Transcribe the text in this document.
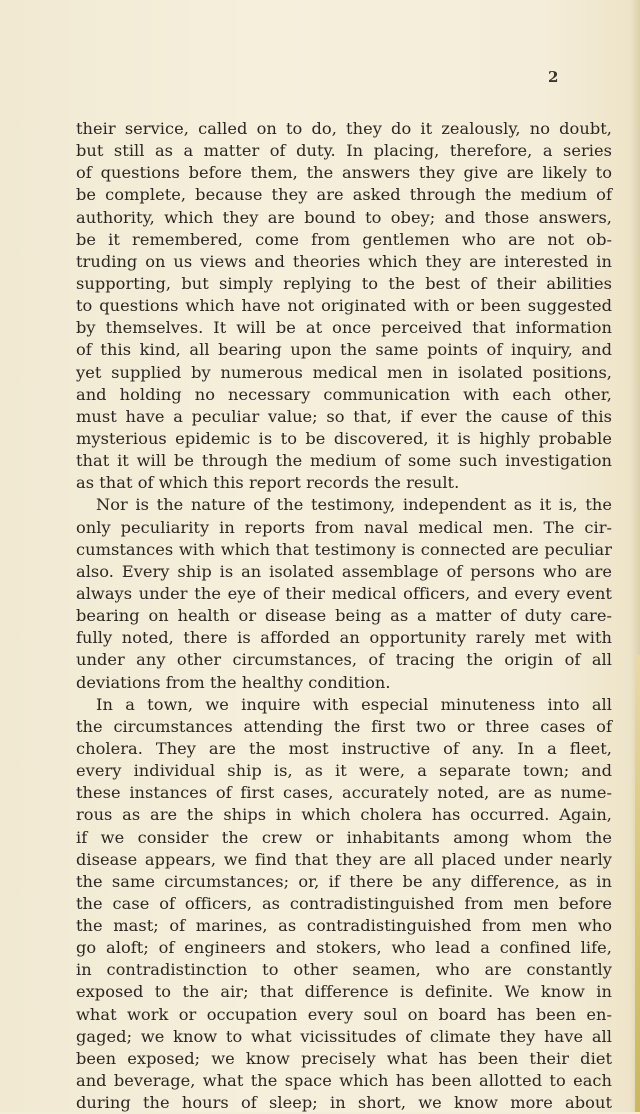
2
their service, called on to do, they do it zealously, no doubt,
but still as a matter of duty. In placing, therefore, a series
of questions before them, the answers they give are likely to
be complete, because they are asked through the medium of
authority, which they are bound to obey; and those answers,
be it remembered, come from gentlemen who are not ob-
truding on us views and theories which they are interested in
supporting, but simply replying to the best of their abilities
to questions which have not originated with or been suggested
by themselves. It will be at once perceived that information
of this kind, all bearing upon the same points of inquiry, and
yet supplied by numerous medical men in isolated positions,
and holding no necessary communication with each other,
must have a peculiar value; so that, if ever the cause of this
mysterious epidemic is to be discovered, it is highly probable
that it will be through the medium of some such investigation
as that of which this report records the result.
Nor is the nature of the testimony, independent as it is, the
only peculiarity in reports from naval medical men. The cir-
cumstances with which that testimony is connected are peculiar
also. Every ship is an isolated assemblage of persons who are
always under the eye of their medical officers, and every event
bearing on health or disease being as a matter of duty care-
fully noted, there is afforded an opportunity rarely met with
under any other circumstances, of tracing the origin of all
deviations from the healthy condition.
In a town, we inquire with especial minuteness into all
the circumstances attending the first two or three cases of
cholera. They are the most instructive of any. In a fleet,
every individual ship is, as it were, a separate town; and
these instances of first cases, accurately noted, are as nume-
rous as are the ships in which cholera has occurred. Again,
if we consider the crew or inhabitants among whom the
disease appears, we find that they are all placed under nearly
the same circumstances; or, if there be any difference, as in
the case of officers, as contradistinguished from men before
the mast; of marines, as contradistinguished from men who
go aloft; of engineers and stokers, who lead a confined life,
in contradistinction to other seamen, who are constantly
exposed to the air; that difference is definite. We know in
what work or occupation every soul on board has been en-
gaged; we know to what vicissitudes of climate they have all
been exposed; we know precisely what has been their diet
and beverage, what the space which has been allotted to each
during the hours of sleep; in short, we know more about
